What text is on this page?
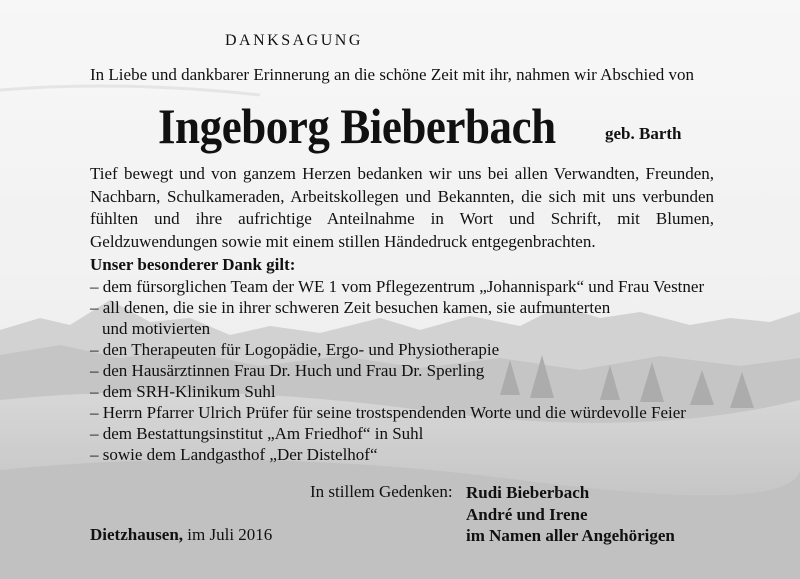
DANKSAGUNG
In Liebe und dankbarer Erinnerung an die schöne Zeit mit ihr, nahmen wir Abschied von
Ingeborg Bieberbach	geb. Barth
Tief bewegt und von ganzem Herzen bedanken wir uns bei allen Verwandten, Freunden, Nachbarn, Schulkameraden, Arbeitskollegen und Bekannten, die sich mit uns verbunden fühlten und ihre aufrichtige Anteilnahme in Wort und Schrift, mit Blumen, Geldzuwendungen sowie mit einem stillen Händedruck entgegenbrachten.
Unser besonderer Dank gilt:
– dem fürsorglichen Team der WE 1 vom Pflegezentrum „Johannispark“ und Frau Vestner
– all denen, die sie in ihrer schweren Zeit besuchen kamen, sie aufmunterten
und motivierten
– den Therapeuten für Logopädie, Ergo- und Physiotherapie
– den Hausärztinnen Frau Dr. Huch und Frau Dr. Sperling
– dem SRH-Klinikum Suhl
– Herrn Pfarrer Ulrich Prüfer für seine trostspendenden Worte und die würdevolle Feier
– dem Bestattungsinstitut „Am Friedhof“ in Suhl
– sowie dem Landgasthof „Der Distelhof“
In stillem Gedenken: Rudi Bieberbach
André und Irene
im Namen aller Angehörigen
Dietzhausen, im Juli 2016
